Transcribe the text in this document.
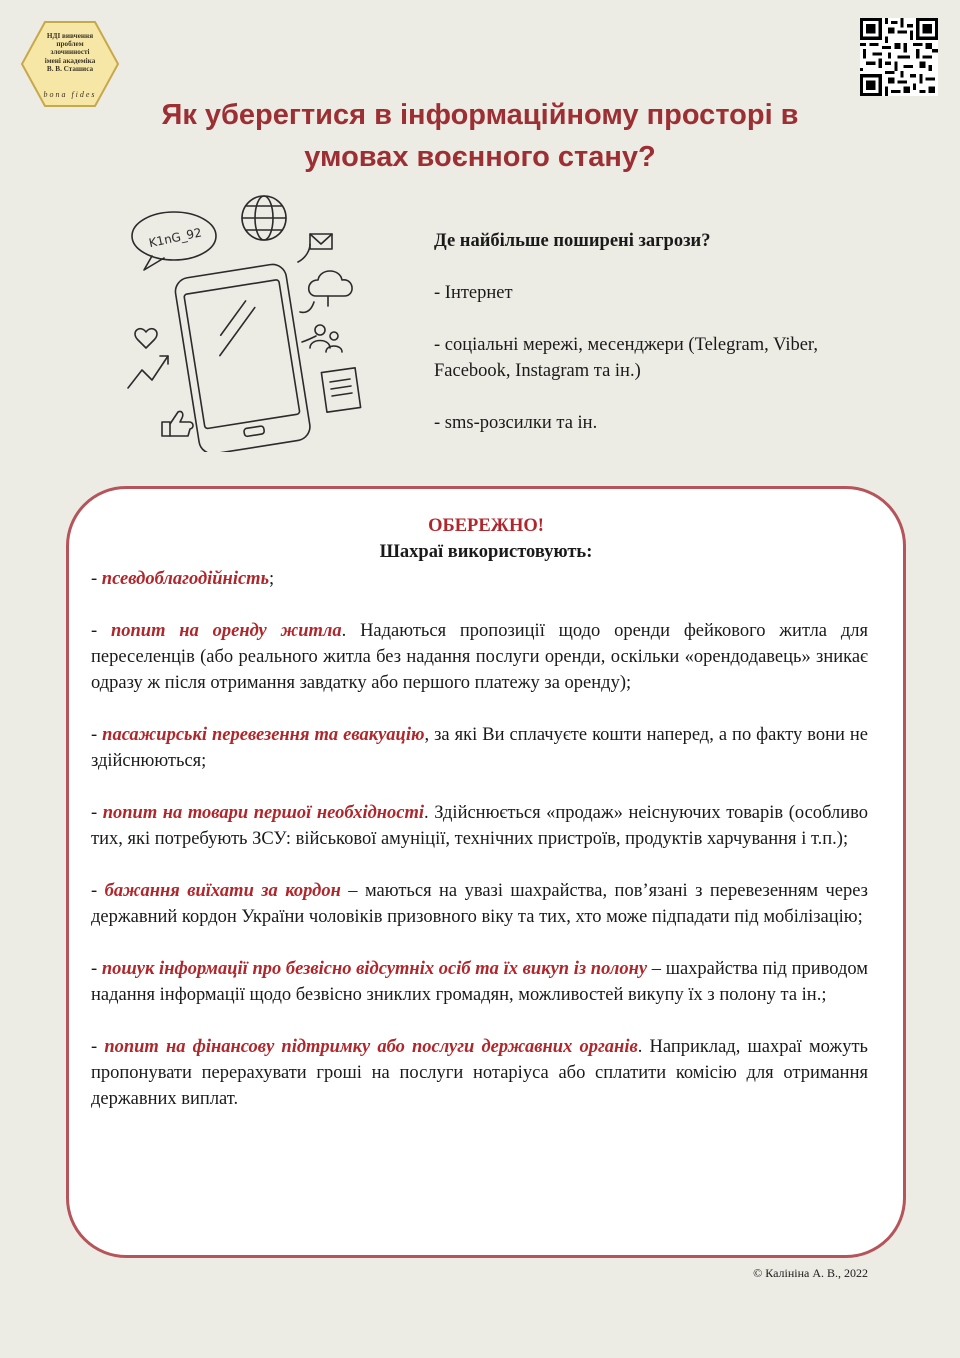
НДІ вивчення
проблем
злочинності
імені академіка
В. В. Сташиса
bona fides
Як уберегтися в інформаційному просторі в
умовах воєнного стану?
K1nG_92	Де найбільше поширені загрози?
- Інтернет
- соціальні мережі, месенджери (Telegram, Viber, Facebook, Instagram та ін.)
- sms-розсилки та ін.
ОБЕРЕЖНО!
Шахраї використовують:

- псевдоблагодійність;

- попит на оренду житла. Надаються пропозиції щодо оренди фейкового житла для переселенців (або реального житла без надання послуги оренди, оскільки «орендодавець» зникає одразу ж після отримання завдатку або першого платежу за оренду);

- пасажирські перевезення та евакуацію, за які Ви сплачуєте кошти наперед, а по факту вони не здійснюються;

- попит на товари першої необхідності. Здійснюється «продаж» неіснуючих товарів (особливо тих, які потребують ЗСУ: військової амуніції, технічних пристроїв, продуктів харчування і т.п.);

- бажання виїхати за кордон – маються на увазі шахрайства, пов’язані з перевезенням через державний кордон України чоловіків призовного віку та тих, хто може підпадати під мобілізацію;

- пошук інформації про безвісно відсутніх осіб та їх викуп із полону – шахрайства під приводом надання інформації щодо безвісно зниклих громадян, можливостей викупу їх з полону та ін.;

- попит на фінансову підтримку або послуги державних органів. Наприклад, шахраї можуть пропонувати перерахувати гроші на послуги нотаріуса або сплатити комісію для отримання державних виплат.

© Калініна А. В., 2022
